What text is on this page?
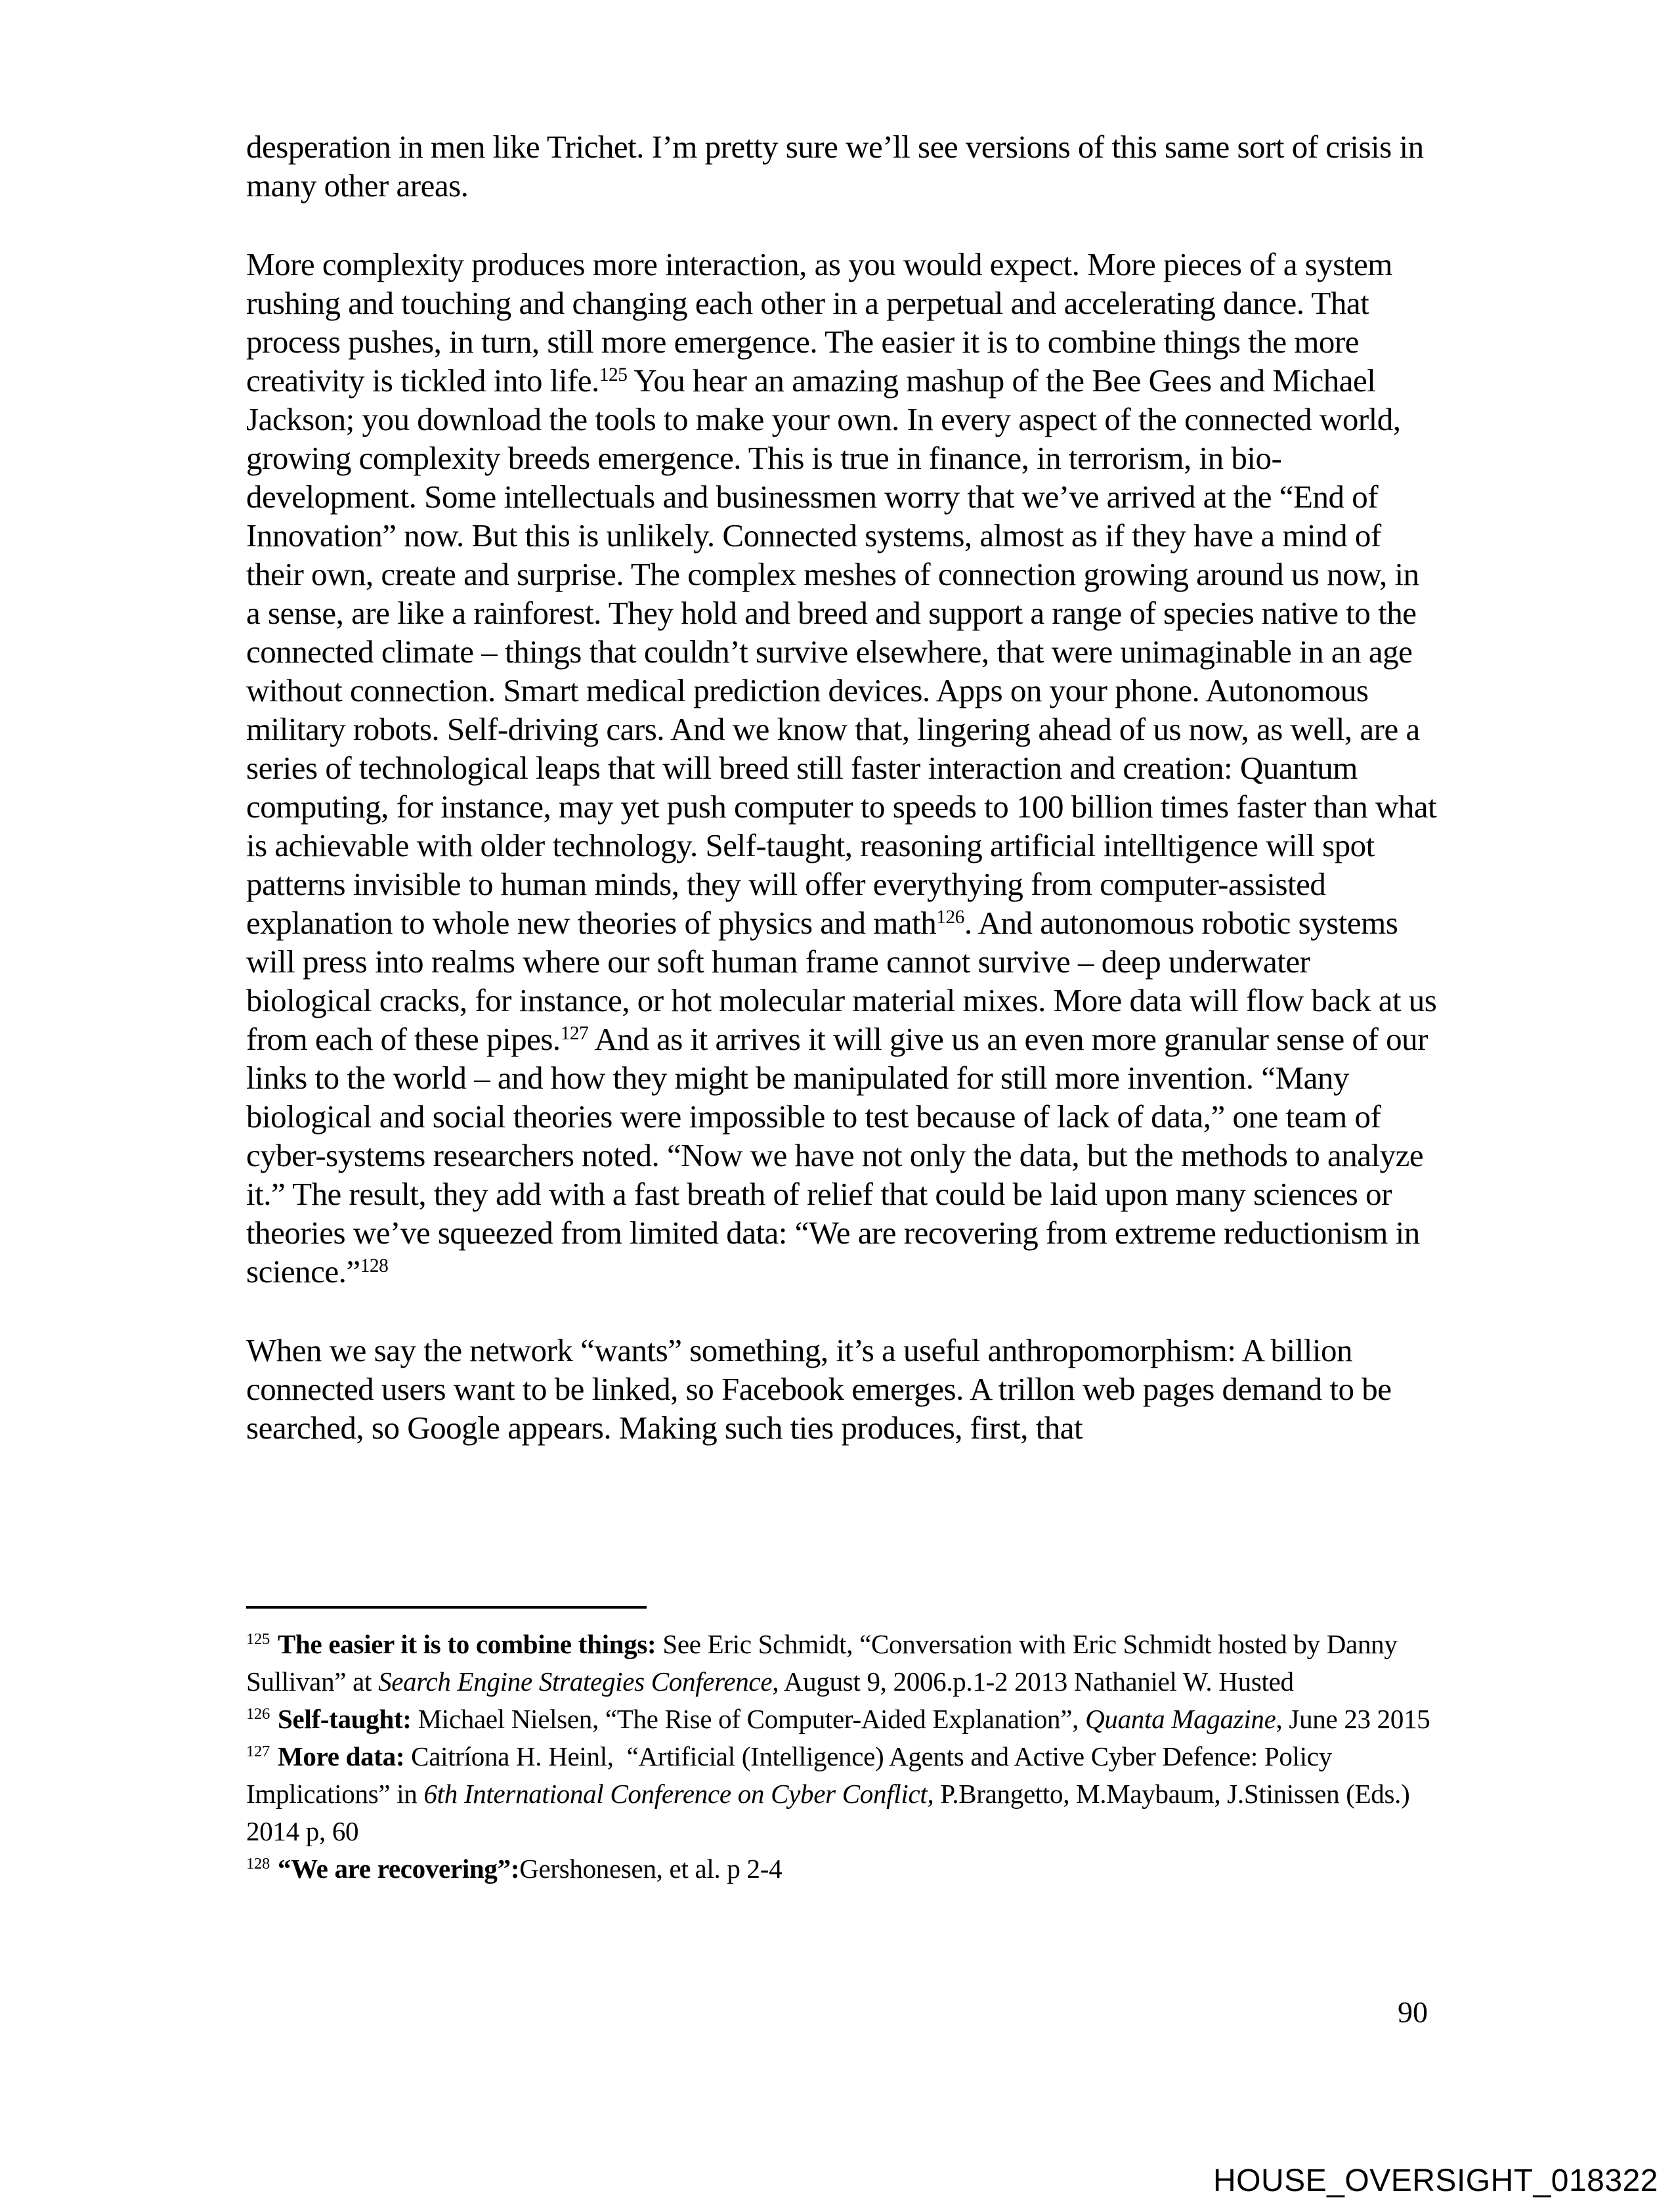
desperation in men like Trichet. I’m pretty sure we’ll see versions of this same sort of crisis in many other areas.

More complexity produces more interaction, as you would expect. More pieces of a system rushing and touching and changing each other in a perpetual and accelerating dance. That process pushes, in turn, still more emergence. The easier it is to combine things the more creativity is tickled into life.$^{125}$ You hear an amazing mashup of the Bee Gees and Michael Jackson; you download the tools to make your own. In every aspect of the connected world, growing complexity breeds emergence. This is true in finance, in terrorism, in bio-development. Some intellectuals and businessmen worry that we’ve arrived at the “End of Innovation” now. But this is unlikely. Connected systems, almost as if they have a mind of their own, create and surprise. The complex meshes of connection growing around us now, in a sense, are like a rainforest. They hold and breed and support a range of species native to the connected climate – things that couldn’t survive elsewhere, that were unimaginable in an age without connection. Smart medical prediction devices. Apps on your phone. Autonomous military robots. Self-driving cars. And we know that, lingering ahead of us now, as well, are a series of technological leaps that will breed still faster interaction and creation: Quantum computing, for instance, may yet push computer to speeds to 100 billion times faster than what is achievable with older technology. Self-taught, reasoning artificial intelltigence will spot patterns invisible to human minds, they will offer everythying from computer-assisted explanation to whole new theories of physics and math$^{126}$. And autonomous robotic systems will press into realms where our soft human frame cannot survive – deep underwater biological cracks, for instance, or hot molecular material mixes. More data will flow back at us from each of these pipes.$^{127}$ And as it arrives it will give us an even more granular sense of our links to the world – and how they might be manipulated for still more invention. “Many biological and social theories were impossible to test because of lack of data,” one team of cyber-systems researchers noted. “Now we have not only the data, but the methods to analyze it.” The result, they add with a fast breath of relief that could be laid upon many sciences or theories we’ve squeezed from limited data: “We are recovering from extreme reductionism in science.”$^{128}$

When we say the network “wants” something, it’s a useful anthropomorphism: A billion connected users want to be linked, so Facebook emerges. A trillon web pages demand to be searched, so Google appears. Making such ties produces, first, that

$^{125}$ The easier it is to combine things: See Eric Schmidt, “Conversation with Eric Schmidt hosted by Danny Sullivan” at Search Engine Strategies Conference, August 9, 2006.p.1-2 2013 Nathaniel W. Husted
$^{126}$ Self-taught: Michael Nielsen, “The Rise of Computer-Aided Explanation”, Quanta Magazine, June 23 2015
$^{127}$ More data: Caitríona H. Heinl,  “Artificial (Intelligence) Agents and Active Cyber Defence: Policy Implications” in 6th International Conference on Cyber Conflict, P.Brangetto, M.Maybaum, J.Stinissen (Eds.) 2014 p, 60
$^{128}$ “We are recovering”:Gershonesen, et al. p 2-4
90
HOUSE_OVERSIGHT_018322
